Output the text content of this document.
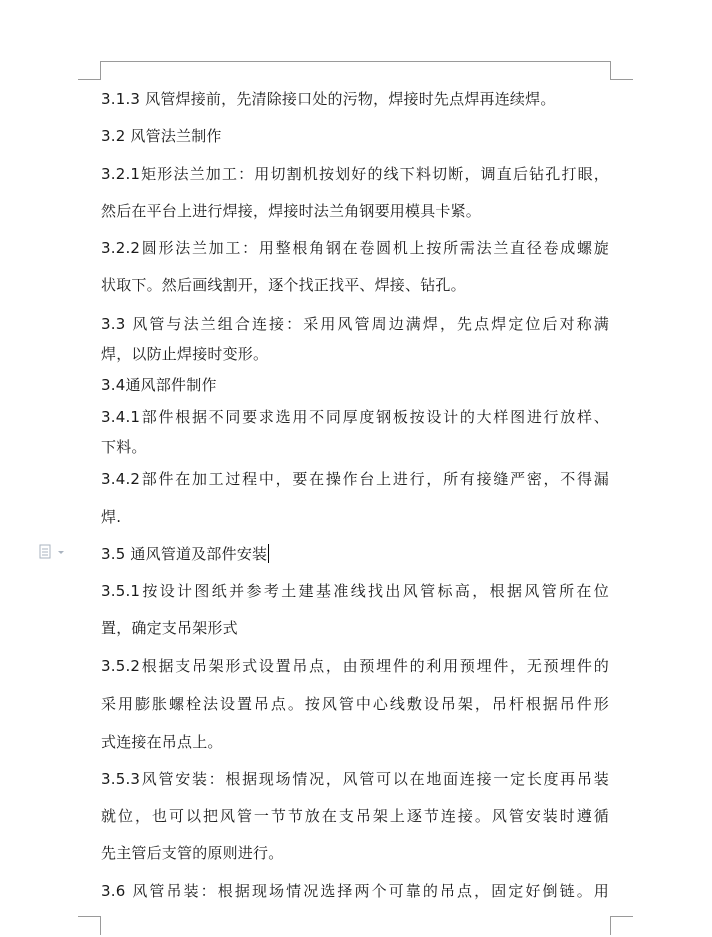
3.1.3 风管焊接前，先清除接口处的污物，焊接时先点焊再连续焊。
3.2 风管法兰制作
3.2.1矩形法兰加工：用切割机按划好的线下料切断，调直后钻孔打眼，
然后在平台上进行焊接，焊接时法兰角钢要用模具卡紧。
3.2.2圆形法兰加工：用整根角钢在卷圆机上按所需法兰直径卷成螺旋
状取下。然后画线割开，逐个找正找平、焊接、钻孔。
3.3 风管与法兰组合连接：采用风管周边满焊，先点焊定位后对称满
焊，以防止焊接时变形。
3.4通风部件制作
3.4.1部件根据不同要求选用不同厚度钢板按设计的大样图进行放样、
下料。
3.4.2部件在加工过程中，要在操作台上进行，所有接缝严密，不得漏
焊.
3.5 通风管道及部件安装
3.5.1按设计图纸并参考土建基准线找出风管标高，根据风管所在位
置，确定支吊架形式
3.5.2根据支吊架形式设置吊点，由预埋件的利用预埋件，无预埋件的
采用膨胀螺栓法设置吊点。按风管中心线敷设吊架，吊杆根据吊件形
式连接在吊点上。
3.5.3风管安装：根据现场情况，风管可以在地面连接一定长度再吊装
就位，也可以把风管一节节放在支吊架上逐节连接。风管安装时遵循
先主管后支管的原则进行。
3.6 风管吊装：根据现场情况选择两个可靠的吊点，固定好倒链。用
